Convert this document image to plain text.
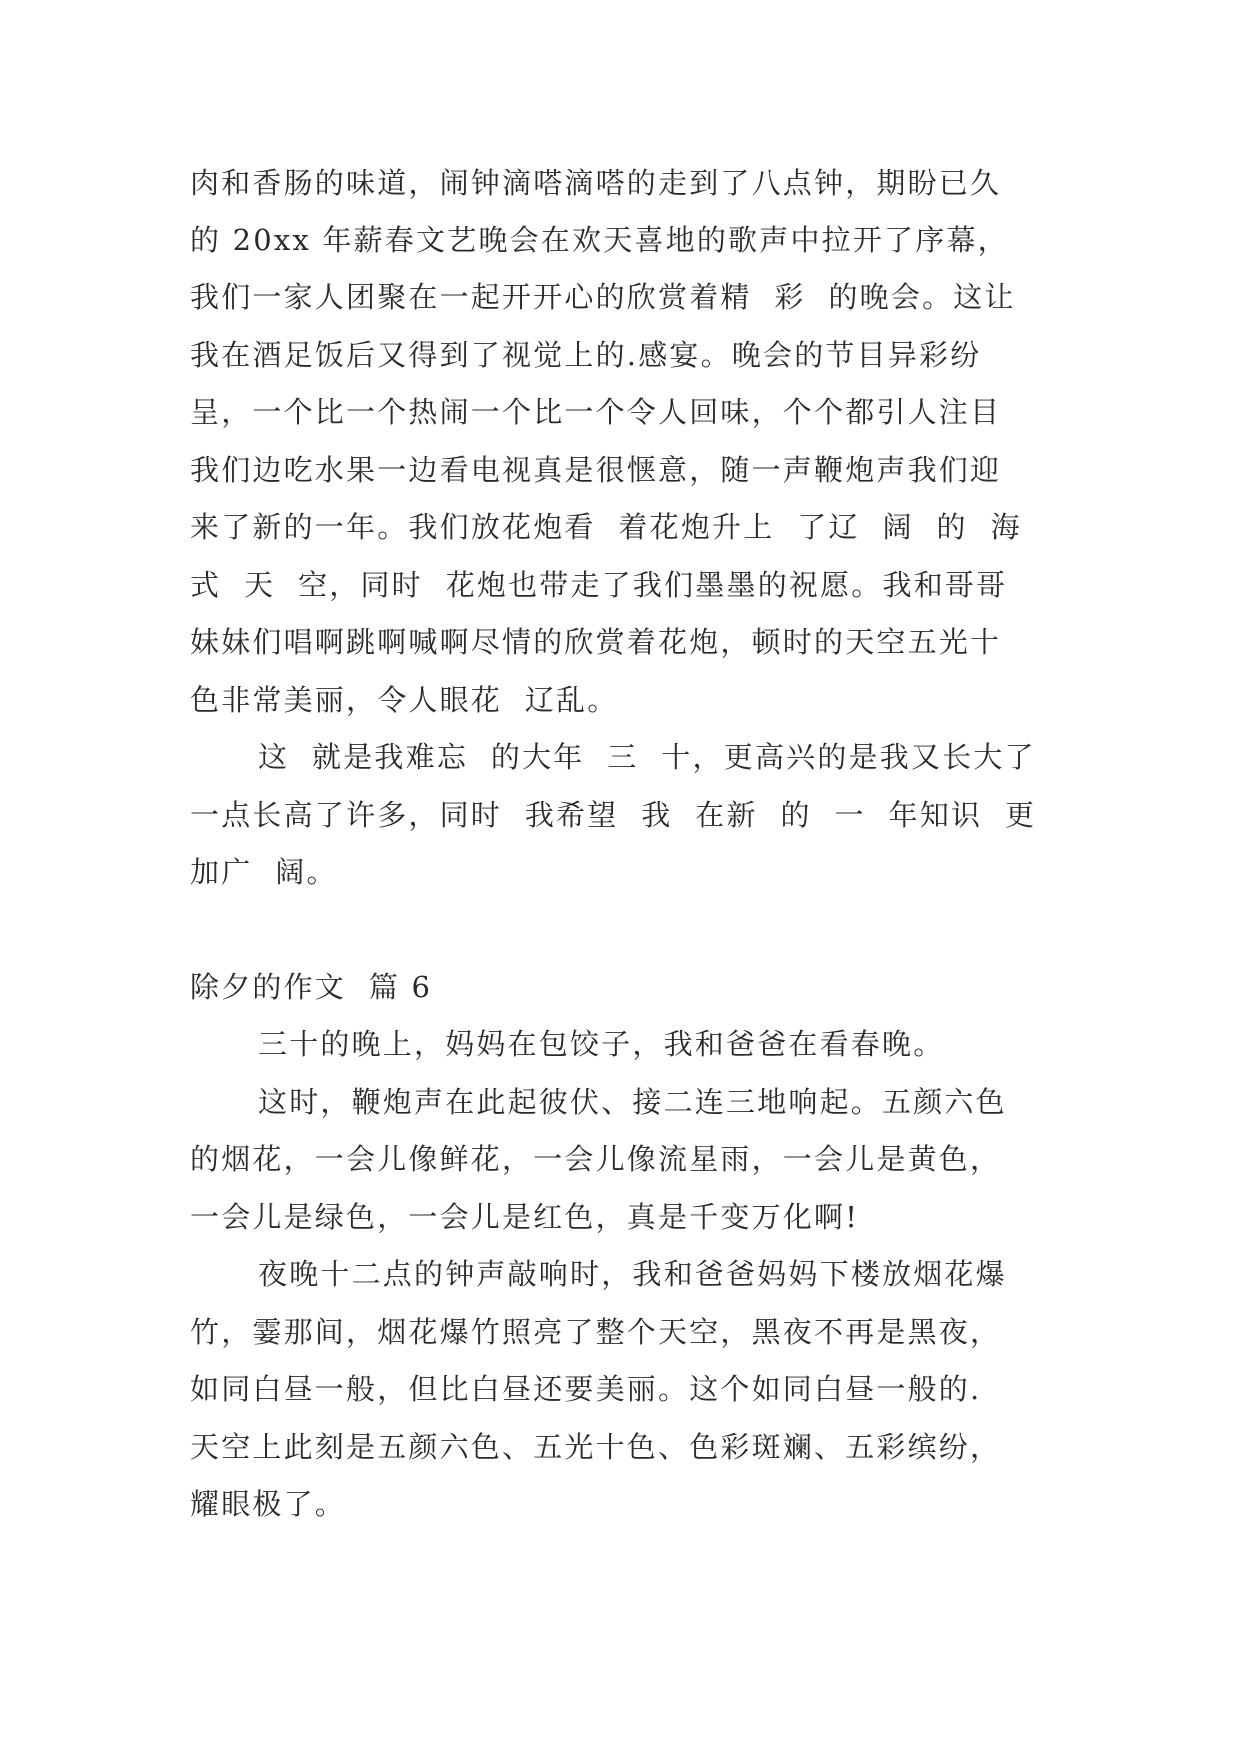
肉和香肠的味道，闹钟滴嗒滴嗒的走到了八点钟，期盼已久
的 20xx 年薪春文艺晚会在欢天喜地的歌声中拉开了序幕，
我们一家人团聚在一起开开心的欣赏着精  彩  的晚会。这让
我在酒足饭后又得到了视觉上的.感宴。晚会的节目异彩纷
呈，一个比一个热闹一个比一个令人回味，个个都引人注目
我们边吃水果一边看电视真是很惬意，随一声鞭炮声我们迎
来了新的一年。我们放花炮看  着花炮升上  了辽  阔  的  海
式  天  空，同时  花炮也带走了我们墨墨的祝愿。我和哥哥
妹妹们唱啊跳啊喊啊尽情的欣赏着花炮，顿时的天空五光十
色非常美丽，令人眼花  辽乱。
这  就是我难忘  的大年  三  十，更高兴的是我又长大了
一点长高了许多，同时  我希望  我  在新  的  一  年知识  更
加广  阔。
除夕的作文  篇 6
三十的晚上，妈妈在包饺子，我和爸爸在看春晚。
这时，鞭炮声在此起彼伏、接二连三地响起。五颜六色
的烟花，一会儿像鲜花，一会儿像流星雨，一会儿是黄色，
一会儿是绿色，一会儿是红色，真是千变万化啊!
夜晚十二点的钟声敲响时，我和爸爸妈妈下楼放烟花爆
竹，霎那间，烟花爆竹照亮了整个天空，黑夜不再是黑夜，
如同白昼一般，但比白昼还要美丽。这个如同白昼一般的.
天空上此刻是五颜六色、五光十色、色彩斑斓、五彩缤纷，
耀眼极了。
